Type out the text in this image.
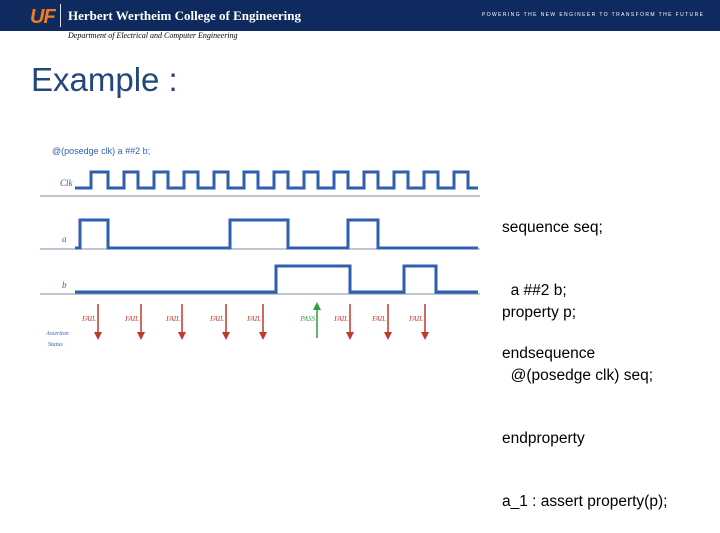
UF Herbert Wertheim College of Engineering	POWERING THE NEW ENGINEER TO TRANSFORM THE FUTURE
Department of Electrical and Computer Engineering
Example :
@(posedge clk) a ##2 b;
Clk
a
b
FAIL	FAIL	FAIL	FAIL	FAIL	PASS	FAIL	FAIL	FAIL
Assertion
Status

sequence seq;

a ##2 b;

endsequence

property p;

@(posedge clk) seq;

endproperty

a_1 : assert property(p);
